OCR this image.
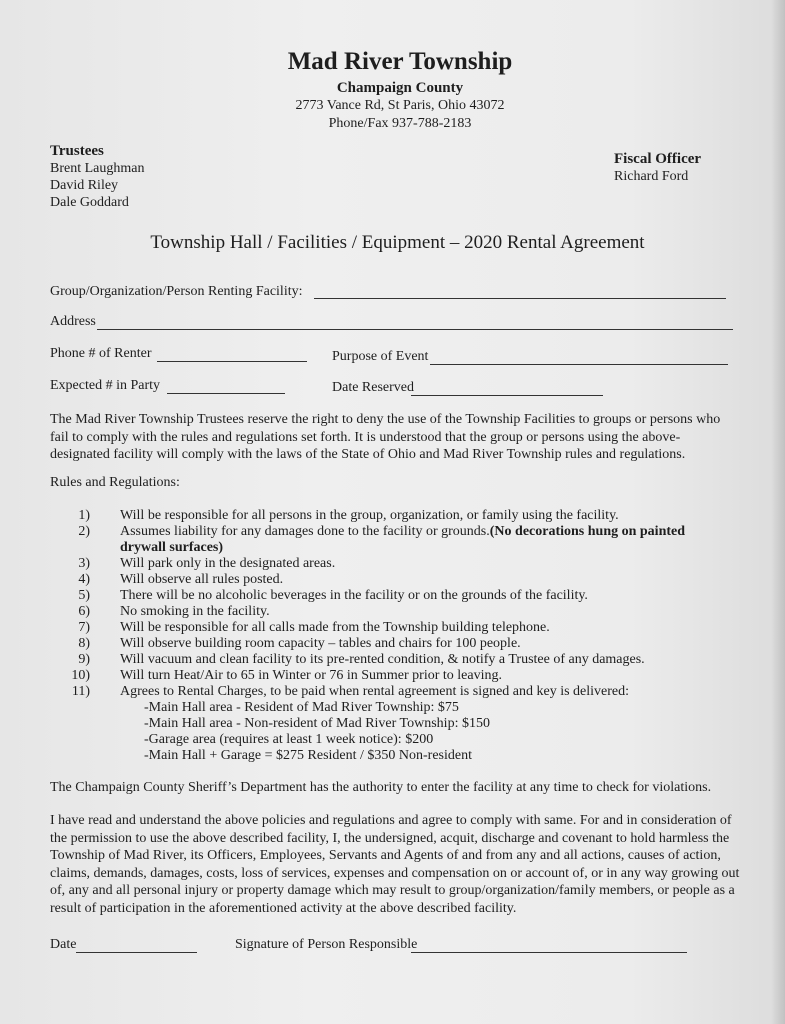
Mad River Township
Champaign County
2773 Vance Rd, St Paris, Ohio 43072
Phone/Fax 937-788-2183
Trustees
Brent Laughman
David Riley
Dale Goddard
Fiscal Officer
Richard Ford
Township Hall / Facilities / Equipment – 2020 Rental Agreement
Group/Organization/Person Renting Facility:
Address
Phone # of Renter	Purpose of Event
Expected # in Party	Date Reserved
The Mad River Township Trustees reserve the right to deny the use of the Township Facilities to groups or persons who fail to comply with the rules and regulations set forth. It is understood that the group or persons using the above-designated facility will comply with the laws of the State of Ohio and Mad River Township rules and regulations.
Rules and Regulations:
1) Will be responsible for all persons in the group, organization, or family using the facility.
2) Assumes liability for any damages done to the facility or grounds.(No decorations hung on painted drywall surfaces)
3) Will park only in the designated areas.
4) Will observe all rules posted.
5) There will be no alcoholic beverages in the facility or on the grounds of the facility.
6) No smoking in the facility.
7) Will be responsible for all calls made from the Township building telephone.
8) Will observe building room capacity – tables and chairs for 100 people.
9) Will vacuum and clean facility to its pre-rented condition, & notify a Trustee of any damages.
10) Will turn Heat/Air to 65 in Winter or 76 in Summer prior to leaving.
11) Agrees to Rental Charges, to be paid when rental agreement is signed and key is delivered:
-Main Hall area - Resident of Mad River Township: $75
-Main Hall area - Non-resident of Mad River Township: $150
-Garage area (requires at least 1 week notice): $200
-Main Hall + Garage = $275 Resident / $350 Non-resident
The Champaign County Sheriff’s Department has the authority to enter the facility at any time to check for violations.
I have read and understand the above policies and regulations and agree to comply with same. For and in consideration of the permission to use the above described facility, I, the undersigned, acquit, discharge and covenant to hold harmless the Township of Mad River, its Officers, Employees, Servants and Agents of and from any and all actions, causes of action, claims, demands, damages, costs, loss of services, expenses and compensation on or account of, or in any way growing out of, any and all personal injury or property damage which may result to group/organization/family members, or people as a result of participation in the aforementioned activity at the above described facility.
Date	Signature of Person Responsible
